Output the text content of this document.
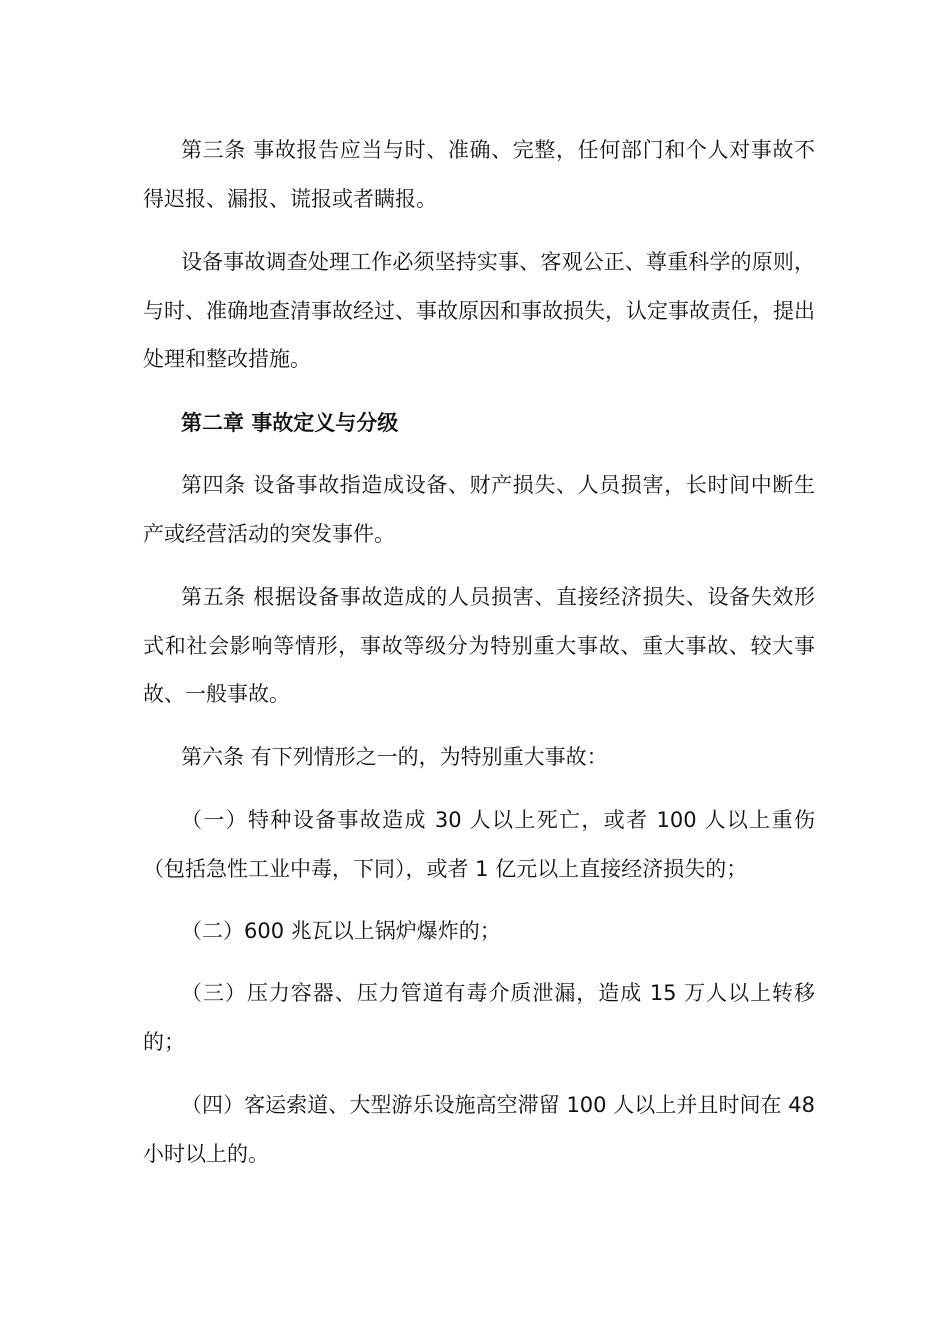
第三条 事故报告应当与时、准确、完整，任何部门和个人对事故不得迟报、漏报、谎报或者瞒报。

设备事故调查处理工作必须坚持实事、客观公正、尊重科学的原则，与时、准确地查清事故经过、事故原因和事故损失，认定事故责任，提出处理和整改措施。

第二章 事故定义与分级

第四条 设备事故指造成设备、财产损失、人员损害，长时间中断生产或经营活动的突发事件。

第五条 根据设备事故造成的人员损害、直接经济损失、设备失效形式和社会影响等情形，事故等级分为特别重大事故、重大事故、较大事故、一般事故。

第六条 有下列情形之一的，为特别重大事故：

（一）特种设备事故造成 30 人以上死亡，或者 100 人以上重伤（包括急性工业中毒，下同），或者 1 亿元以上直接经济损失的；

（二）600 兆瓦以上锅炉爆炸的；

（三）压力容器、压力管道有毒介质泄漏，造成 15 万人以上转移的；

（四）客运索道、大型游乐设施高空滞留 100 人以上并且时间在 48 小时以上的。
